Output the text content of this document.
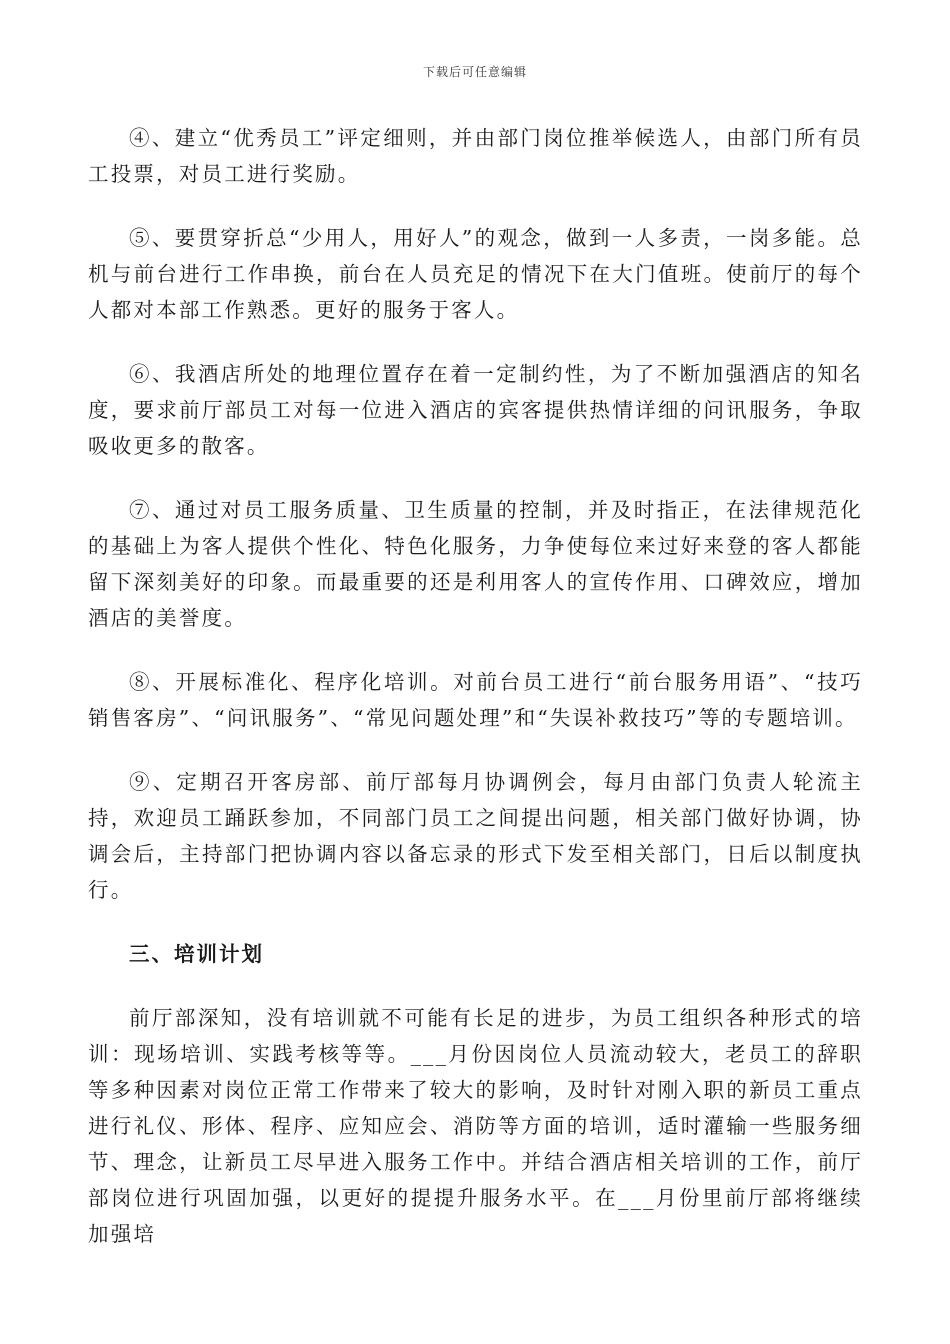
下载后可任意编辑

④、建立“优秀员工”评定细则，并由部门岗位推举候选人，由部门所有员工投票，对员工进行奖励。

⑤、要贯穿折总“少用人，用好人”的观念，做到一人多责，一岗多能。总机与前台进行工作串换，前台在人员充足的情况下在大门值班。使前厅的每个人都对本部工作熟悉。更好的服务于客人。

⑥、我酒店所处的地理位置存在着一定制约性，为了不断加强酒店的知名度，要求前厅部员工对每一位进入酒店的宾客提供热情详细的问讯服务，争取吸收更多的散客。

⑦、通过对员工服务质量、卫生质量的控制，并及时指正，在法律规范化的基础上为客人提供个性化、特色化服务，力争使每位来过好来登的客人都能留下深刻美好的印象。而最重要的还是利用客人的宣传作用、口碑效应，增加酒店的美誉度。

⑧、开展标准化、程序化培训。对前台员工进行“前台服务用语”、“技巧销售客房”、“问讯服务”、“常见问题处理”和“失误补救技巧”等的专题培训。

⑨、定期召开客房部、前厅部每月协调例会，每月由部门负责人轮流主持，欢迎员工踊跃参加，不同部门员工之间提出问题，相关部门做好协调，协调会后，主持部门把协调内容以备忘录的形式下发至相关部门，日后以制度执行。

三、培训计划

前厅部深知，没有培训就不可能有长足的进步，为员工组织各种形式的培训：现场培训、实践考核等等。___月份因岗位人员流动较大，老员工的辞职等多种因素对岗位正常工作带来了较大的影响，及时针对刚入职的新员工重点进行礼仪、形体、程序、应知应会、消防等方面的培训，适时灌输一些服务细节、理念，让新员工尽早进入服务工作中。并结合酒店相关培训的工作，前厅部岗位进行巩固加强，以更好的提提升服务水平。在___月份里前厅部将继续加强培
